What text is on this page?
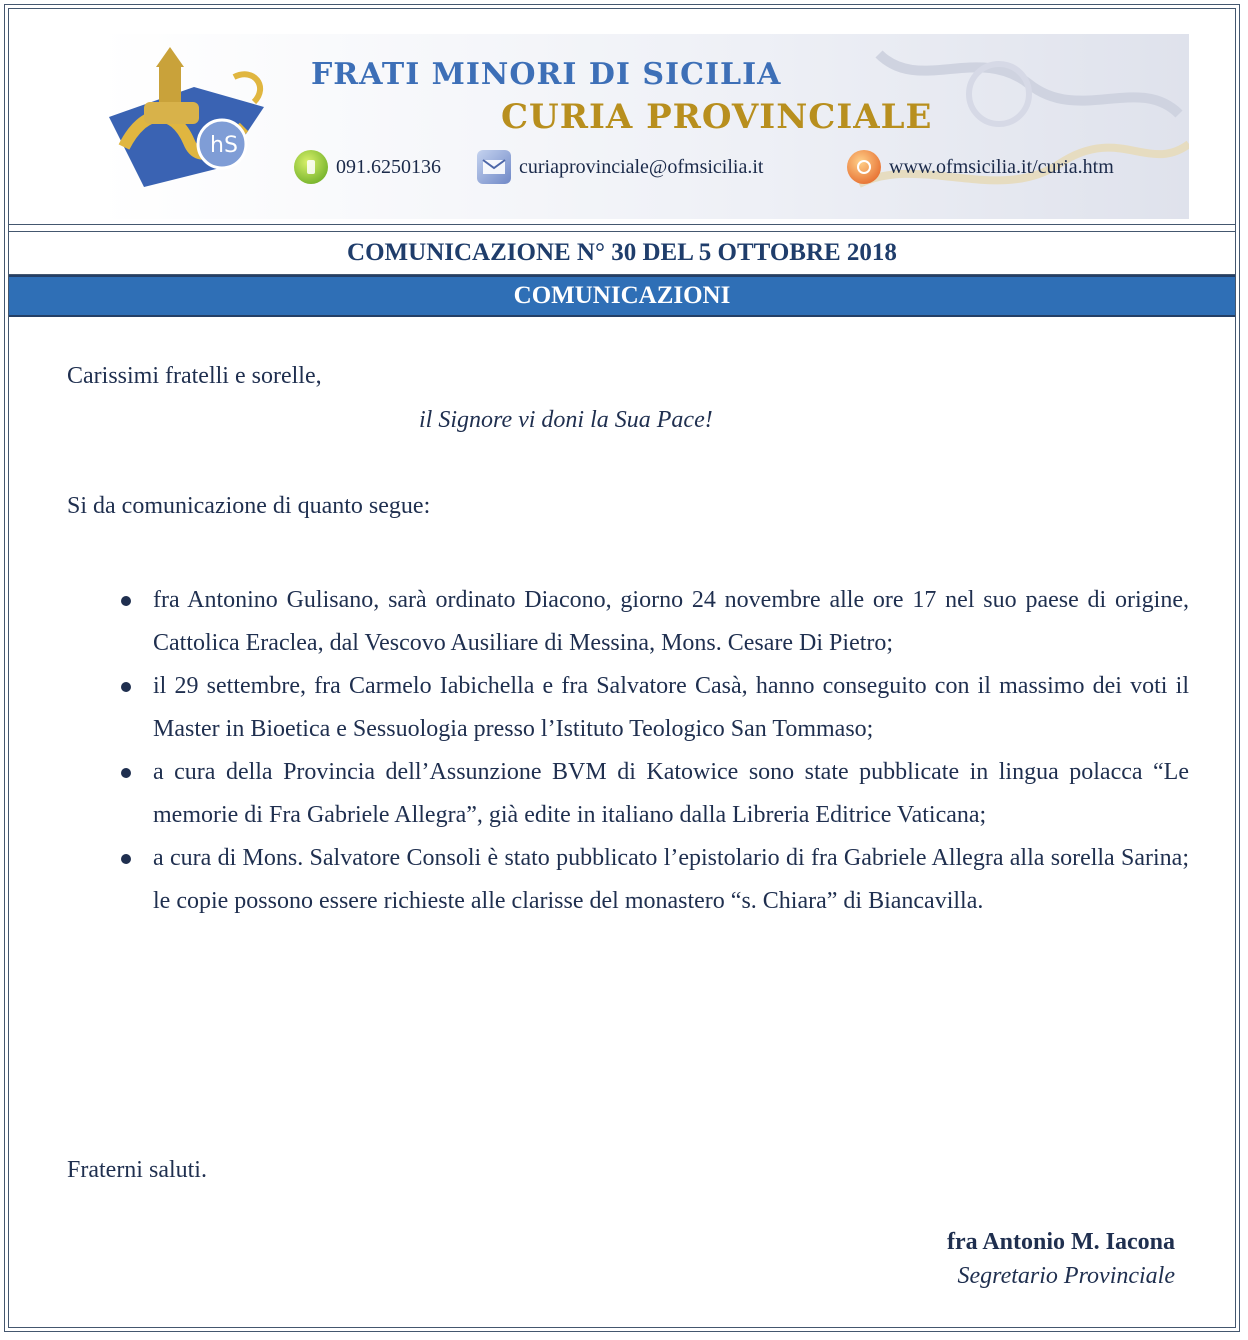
hS
FRATI MINORI DI SICILIA
CURIA PROVINCIALE
091.6250136	curiaprovinciale@ofmsicilia.it	www.ofmsicilia.it/curia.htm
COMUNICAZIONE N° 30 DEL 5 OTTOBRE 2018
COMUNICAZIONI
Carissimi fratelli e sorelle,
il Signore vi doni la Sua Pace!
Si da comunicazione di quanto segue:
fra Antonino Gulisano, sarà ordinato Diacono, giorno 24 novembre alle ore 17 nel suo paese di origine, Cattolica Eraclea, dal Vescovo Ausiliare di Messina, Mons. Cesare Di Pietro;
il 29 settembre, fra Carmelo Iabichella e fra Salvatore Casà, hanno conseguito con il massimo dei voti il Master in Bioetica e Sessuologia presso l’Istituto Teologico San Tommaso;
a cura della Provincia dell’Assunzione BVM di Katowice sono state pubblicate in lingua polacca “Le memorie di Fra Gabriele Allegra”, già edite in italiano dalla Libreria Editrice Vaticana;
a cura di Mons. Salvatore Consoli è stato pubblicato l’epistolario di fra Gabriele Allegra alla sorella Sarina; le copie possono essere richieste alle clarisse del monastero “s. Chiara” di Biancavilla.
Fraterni saluti.
fra Antonio M. Iacona
Segretario Provinciale
